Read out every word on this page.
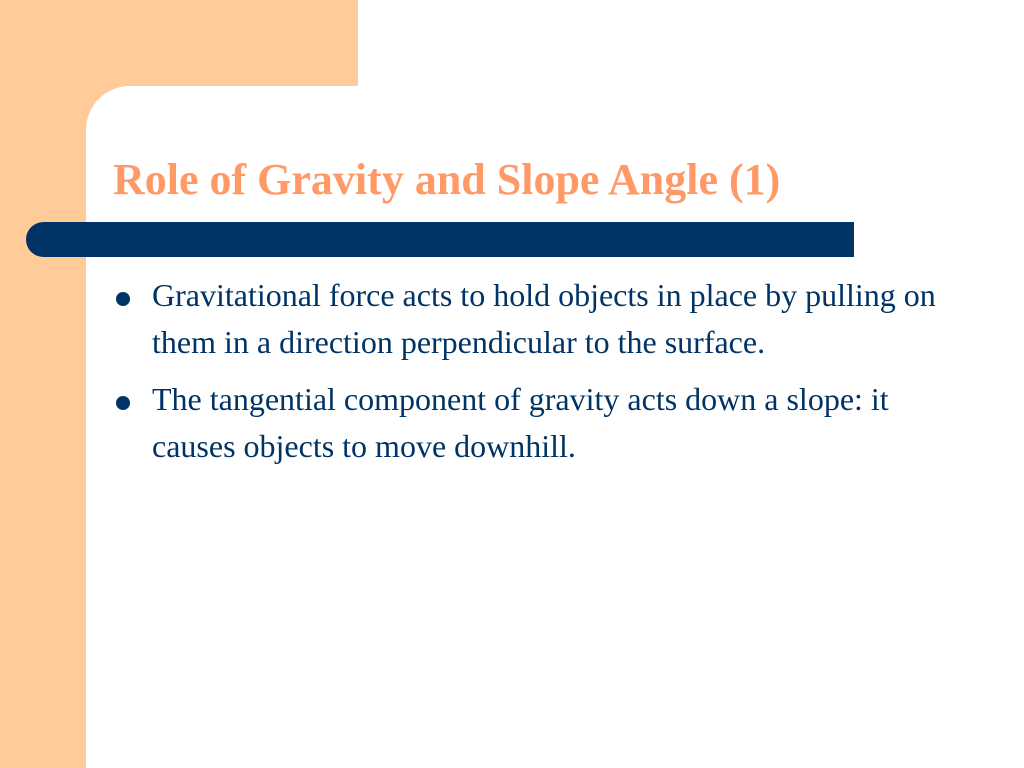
Role of Gravity and Slope Angle (1)
Gravitational force acts to hold objects in place by pulling on them in a direction perpendicular to the surface.
The tangential component of gravity acts down a slope: it causes objects to move downhill.
